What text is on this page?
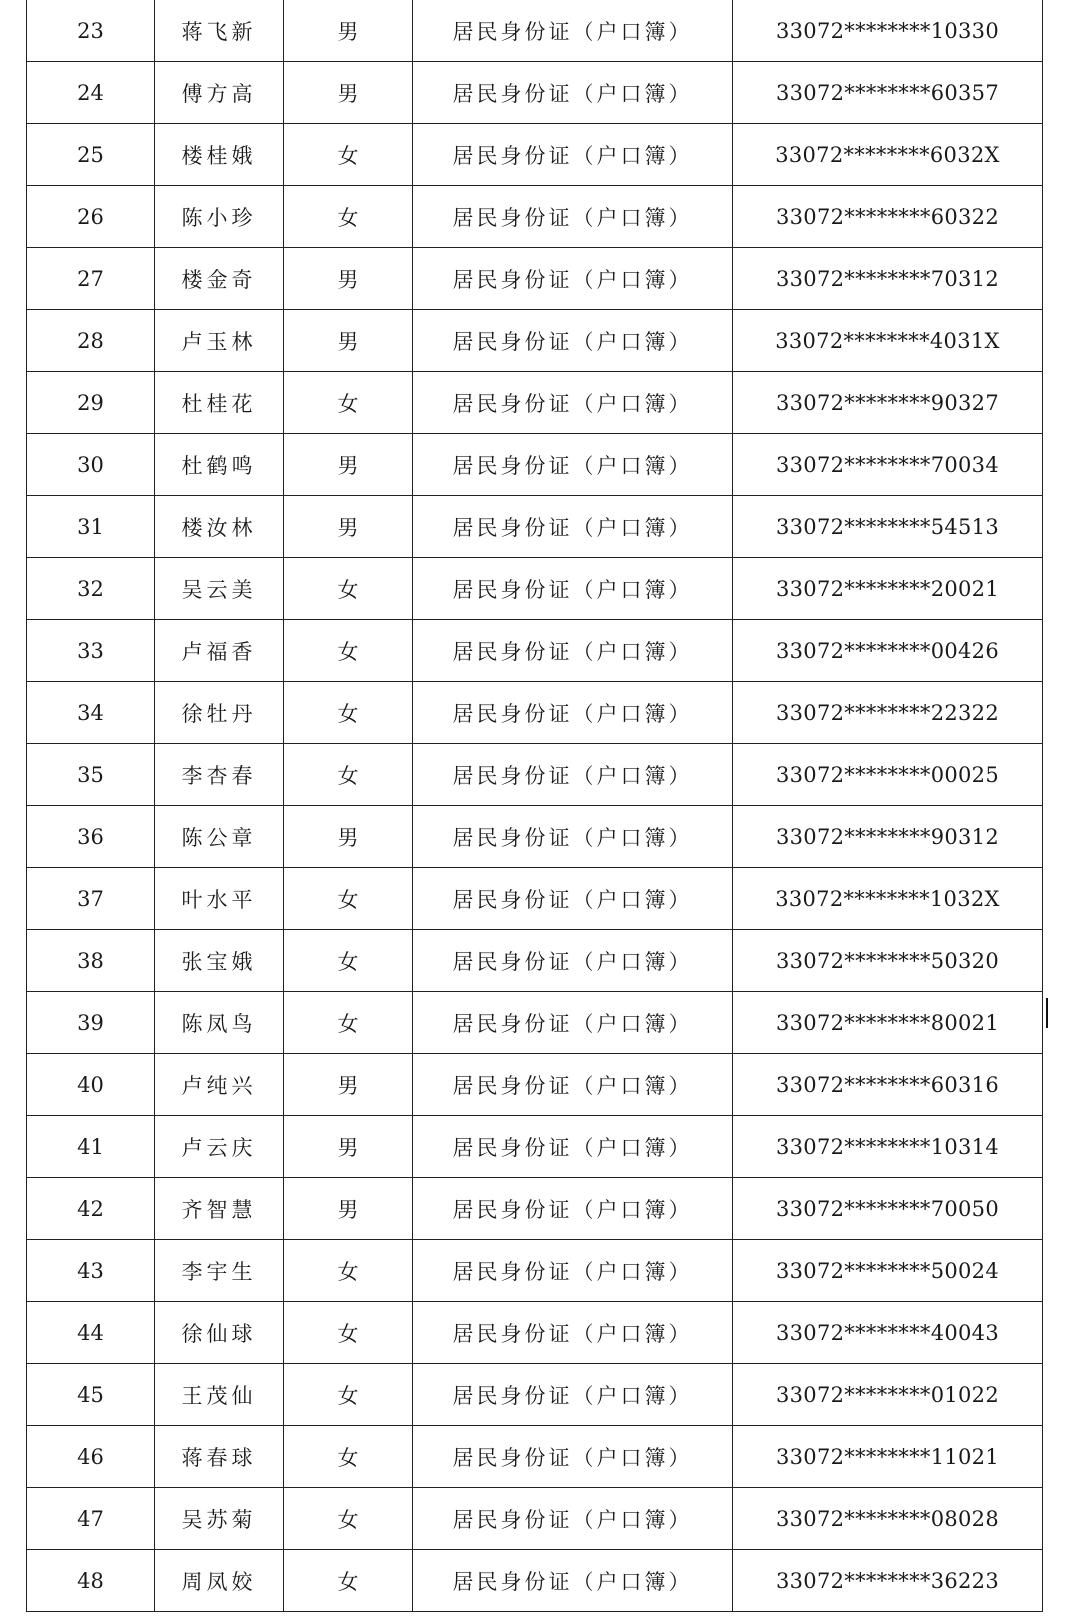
23	蒋飞新	男	居民身份证（户口簿）	33072********10330
24	傅方高	男	居民身份证（户口簿）	33072********60357
25	楼桂娥	女	居民身份证（户口簿）	33072********6032X
26	陈小珍	女	居民身份证（户口簿）	33072********60322
27	楼金奇	男	居民身份证（户口簿）	33072********70312
28	卢玉林	男	居民身份证（户口簿）	33072********4031X
29	杜桂花	女	居民身份证（户口簿）	33072********90327
30	杜鹤鸣	男	居民身份证（户口簿）	33072********70034
31	楼汝林	男	居民身份证（户口簿）	33072********54513
32	吴云美	女	居民身份证（户口簿）	33072********20021
33	卢福香	女	居民身份证（户口簿）	33072********00426
34	徐牡丹	女	居民身份证（户口簿）	33072********22322
35	李杏春	女	居民身份证（户口簿）	33072********00025
36	陈公章	男	居民身份证（户口簿）	33072********90312
37	叶水平	女	居民身份证（户口簿）	33072********1032X
38	张宝娥	女	居民身份证（户口簿）	33072********50320
39	陈凤鸟	女	居民身份证（户口簿）	33072********80021
40	卢纯兴	男	居民身份证（户口簿）	33072********60316
41	卢云庆	男	居民身份证（户口簿）	33072********10314
42	齐智慧	男	居民身份证（户口簿）	33072********70050
43	李宇生	女	居民身份证（户口簿）	33072********50024
44	徐仙球	女	居民身份证（户口簿）	33072********40043
45	王茂仙	女	居民身份证（户口簿）	33072********01022
46	蒋春球	女	居民身份证（户口簿）	33072********11021
47	吴苏菊	女	居民身份证（户口簿）	33072********08028
48	周凤姣	女	居民身份证（户口簿）	33072********36223
